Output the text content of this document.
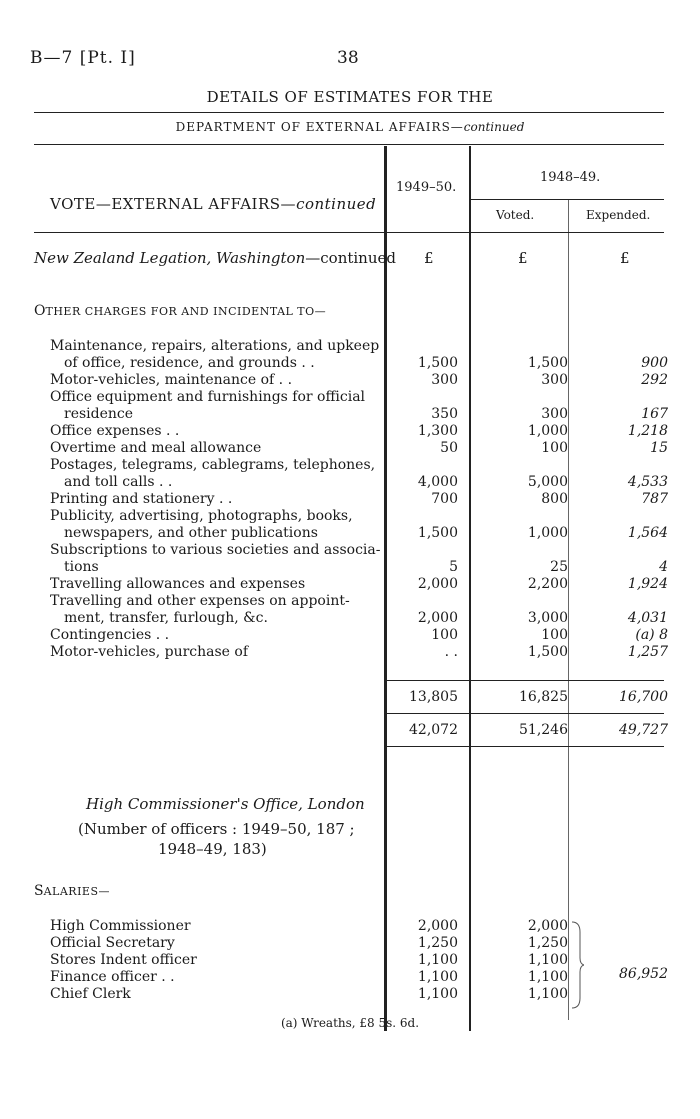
B—7 [Pt. I]	38
DETAILS OF ESTIMATES FOR THE
DEPARTMENT OF EXTERNAL AFFAIRS—continued
VOTE—EXTERNAL AFFAIRS—continued
1949–50.
1948–49.
Voted.	Expended.
New Zealand Legation, Washington—continued £	£	£
OTHER CHARGES FOR AND INCIDENTAL TO—
Maintenance, repairs, alterations, and upkeep
of office, residence, and grounds . .	1,500	1,500	900
Motor-vehicles, maintenance of . .	300	300	292
Office equipment and furnishings for official
residence	350	300	167
Office expenses . .	1,300	1,000	1,218
Overtime and meal allowance	50	100	15
Postages, telegrams, cablegrams, telephones,
and toll calls . .	4,000	5,000	4,533
Printing and stationery . .	700	800	787
Publicity, advertising, photographs, books,
newspapers, and other publications	1,500	1,000	1,564
Subscriptions to various societies and associa-
tions	5	25	4
Travelling allowances and expenses	2,000	2,200	1,924
Travelling and other expenses on appoint-
ment, transfer, furlough, &c.	2,000	3,000	4,031
Contingencies . .	100	100	(a) 8
Motor-vehicles, purchase of	. .	1,500	1,257
13,805	16,825	16,700
42,072	51,246	49,727
High Commissioner's Office, London
(Number of officers : 1949–50, 187 ;
1948–49, 183)
SALARIES—
High Commissioner	2,000	2,000
Official Secretary	1,250	1,250
Stores Indent officer	1,100	1,100
Finance officer . .	1,100	1,100
Chief Clerk	1,100	1,100
86,952
(a) Wreaths, £8 5s. 6d.
